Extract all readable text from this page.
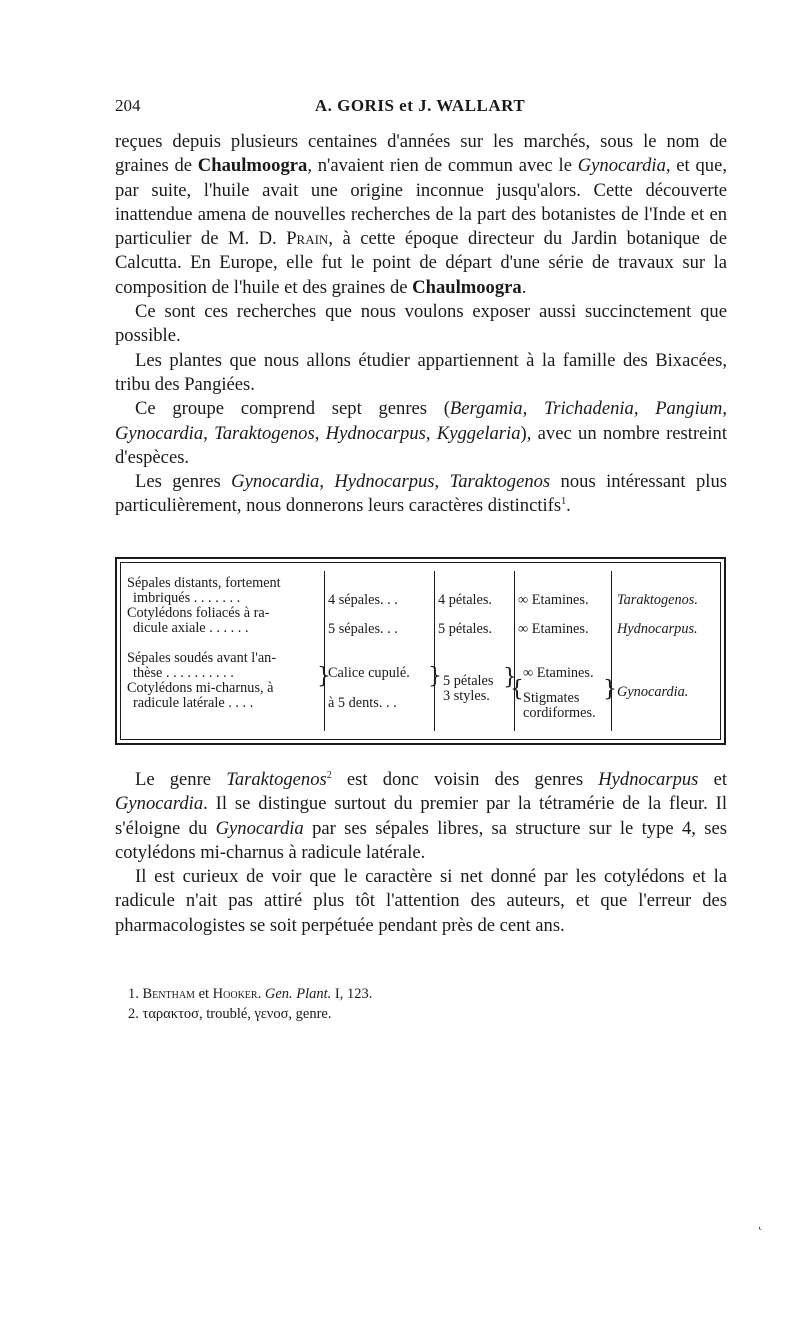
204	A. GORIS et J. WALLART

reçues depuis plusieurs centaines d'années sur les marchés, sous le nom de graines de Chaulmoogra, n'avaient rien de commun avec le Gynocardia, et que, par suite, l'huile avait une origine inconnue jusqu'alors. Cette découverte inattendue amena de nouvelles recherches de la part des botanistes de l'Inde et en particulier de M. D. Prain, à cette époque directeur du Jardin botanique de Calcutta. En Europe, elle fut le point de départ d'une série de travaux sur la composition de l'huile et des graines de Chaulmoogra.

Ce sont ces recherches que nous voulons exposer aussi succinctement que possible.

Les plantes que nous allons étudier appartiennent à la famille des Bixacées, tribu des Pangiées.

Ce groupe comprend sept genres (Bergamia, Trichadenia, Pangium, Gynocardia, Taraktogenos, Hydnocarpus, Kyggelaria), avec un nombre restreint d'espèces.

Les genres Gynocardia, Hydnocarpus, Taraktogenos nous intéressant plus particulièrement, nous donnerons leurs caractères distinctifs$^1$.

Sépales distants, fortement
imbriqués . . . . . . .
Cotylédons foliacés à ra-
dicule axiale . . . . . .
4 sépales. . .
5 sépales. . .
4 pétales.
5 pétales.
∞ Etamines.
∞ Etamines.
Taraktogenos.
Hydnocarpus.
Sépales soudés avant l'an-
thèse . . . . . . . . . .
Cotylédons mi-charnus, à
radicule latérale . . . .
}
Calice cupulé.
à 5 dents. . .
} 5 pétales
3 styles.
}
{
∞ Etamines.
Stigmates
cordiformes.
} Gynocardia.

Le genre Taraktogenos$^2$ est donc voisin des genres Hydnocarpus et Gynocardia. Il se distingue surtout du premier par la tétramérie de la fleur. Il s'éloigne du Gynocardia par ses sépales libres, sa structure sur le type 4, ses cotylédons mi-charnus à radicule latérale.

Il est curieux de voir que le caractère si net donné par les cotylédons et la radicule n'ait pas attiré plus tôt l'attention des auteurs, et que l'erreur des pharmacologistes se soit perpétuée pendant près de cent ans.

1. Bentham et Hooker. Gen. Plant. I, 123.
2. ταρακτοσ, troublé, γενοσ, genre.
˛
